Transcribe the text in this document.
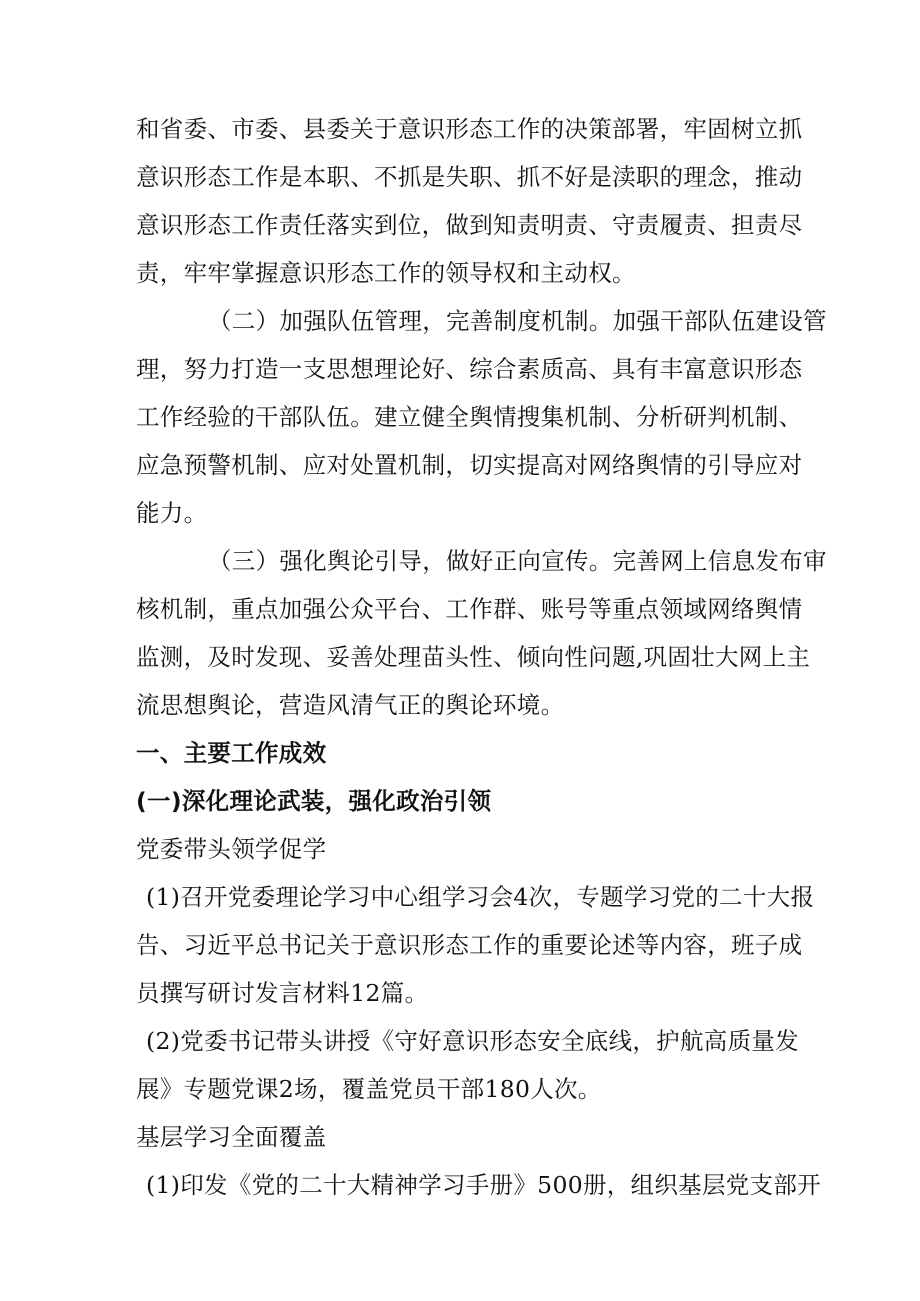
和省委、市委、县委关于意识形态工作的决策部署，牢固树立抓

意识形态工作是本职、不抓是失职、抓不好是渎职的理念，推动

意识形态工作责任落实到位，做到知责明责、守责履责、担责尽

责，牢牢掌握意识形态工作的领导权和主动权。

（二）加强队伍管理，完善制度机制。加强干部队伍建设管

理，努力打造一支思想理论好、综合素质高、具有丰富意识形态

工作经验的干部队伍。建立健全舆情搜集机制、分析研判机制、

应急预警机制、应对处置机制，切实提高对网络舆情的引导应对

能力。

（三）强化舆论引导，做好正向宣传。完善网上信息发布审

核机制，重点加强公众平台、工作群、账号等重点领域网络舆情

监测，及时发现、妥善处理苗头性、倾向性问题,巩固壮大网上主

流思想舆论，营造风清气正的舆论环境。

一、主要工作成效
(一)深化理论武装，强化政治引领

党委带头领学促学

(1)召开党委理论学习中心组学习会4次，专题学习党的二十大报

告、习近平总书记关于意识形态工作的重要论述等内容，班子成

员撰写研讨发言材料12篇。

(2)党委书记带头讲授《守好意识形态安全底线，护航高质量发

展》专题党课2场，覆盖党员干部180人次。

基层学习全面覆盖

(1)印发《党的二十大精神学习手册》500册，组织基层党支部开
